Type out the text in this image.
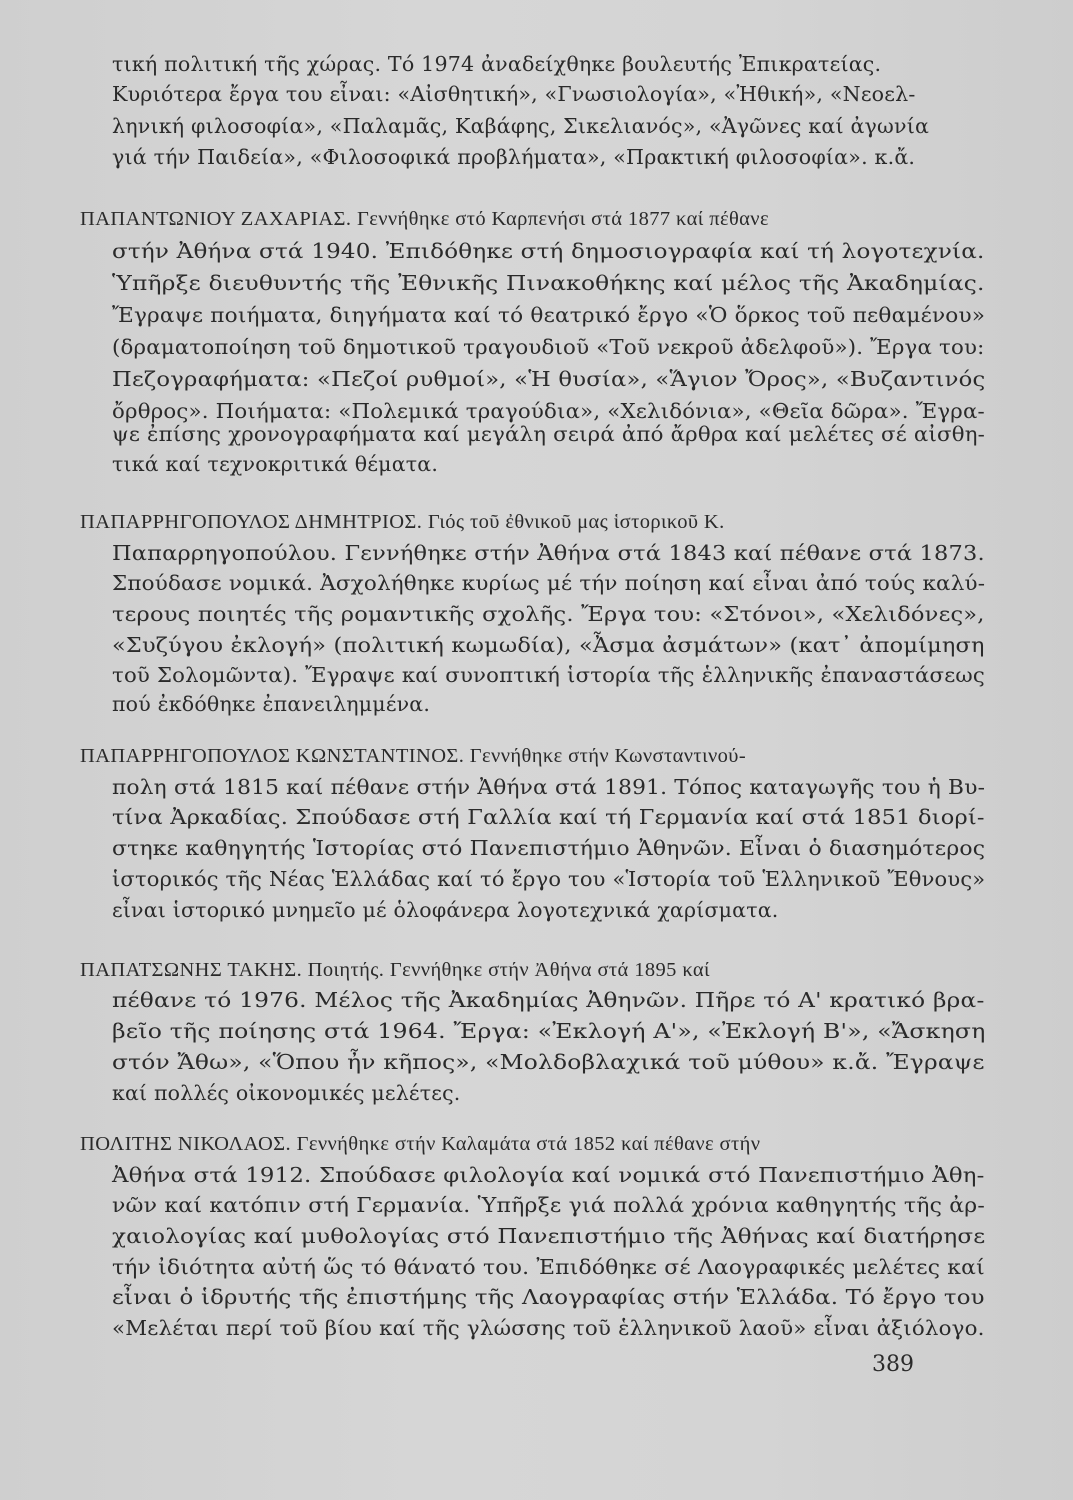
τική πολιτική τῆς χώρας. Τό 1974 ἀναδείχθηκε βουλευτής Ἐπικρατείας.
Κυριότερα ἔργα του εἶναι: «Αἰσθητική», «Γνωσιολογία», «Ἠθική», «Νεοελ-
ληνική φιλοσοφία», «Παλαμᾶς, Καβάφης, Σικελιανός», «Ἀγῶνες καί ἀγωνία
γιά τήν Παιδεία», «Φιλοσοφικά προβλήματα», «Πρακτική φιλοσοφία». κ.ἄ.
ΠΑΠΑΝΤΩΝΙΟΥ ΖΑΧΑΡΙΑΣ. Γεννήθηκε στό Καρπενήσι στά 1877 καί πέθανε
στήν Ἀθήνα στά 1940. Ἐπιδόθηκε στή δημοσιογραφία καί τή λογοτεχνία.
Ὑπῆρξε διευθυντής τῆς Ἐθνικῆς Πινακοθήκης καί μέλος τῆς Ἀκαδημίας.
Ἔγραψε ποιήματα, διηγήματα καί τό θεατρικό ἔργο «Ὁ ὅρκος τοῦ πεθαμένου»
(δραματοποίηση τοῦ δημοτικοῦ τραγουδιοῦ «Τοῦ νεκροῦ ἀδελφοῦ»). Ἔργα του:
Πεζογραφήματα: «Πεζοί ρυθμοί», «Ἡ θυσία», «Ἅγιον Ὄρος», «Βυζαντινός
ὄρθρος». Ποιήματα: «Πολεμικά τραγούδια», «Χελιδόνια», «Θεῖα δῶρα». Ἔγρα-
ψε ἐπίσης χρονογραφήματα καί μεγάλη σειρά ἀπό ἄρθρα καί μελέτες σέ αἰσθη-
τικά καί τεχνοκριτικά θέματα.
ΠΑΠΑΡΡΗΓΟΠΟΥΛΟΣ ΔΗΜΗΤΡΙΟΣ. Γιός τοῦ ἐθνικοῦ μας ἱστορικοῦ Κ.
Παπαρρηγοπούλου. Γεννήθηκε στήν Ἀθήνα στά 1843 καί πέθανε στά 1873.
Σπούδασε νομικά. Ἀσχολήθηκε κυρίως μέ τήν ποίηση καί εἶναι ἀπό τούς καλύ-
τερους ποιητές τῆς ρομαντικῆς σχολῆς. Ἔργα του: «Στόνοι», «Χελιδόνες»,
«Συζύγου ἐκλογή» (πολιτική κωμωδία), «Ἆσμα ἀσμάτων» (κατ᾽ ἀπομίμηση
τοῦ Σολομῶντα). Ἔγραψε καί συνοπτική ἱστορία τῆς ἑλληνικῆς ἐπαναστάσεως
πού ἐκδόθηκε ἐπανειλημμένα.
ΠΑΠΑΡΡΗΓΟΠΟΥΛΟΣ ΚΩΝΣΤΑΝΤΙΝΟΣ. Γεννήθηκε στήν Κωνσταντινού-
πολη στά 1815 καί πέθανε στήν Ἀθήνα στά 1891. Τόπος καταγωγῆς του ἡ Βυ-
τίνα Ἀρκαδίας. Σπούδασε στή Γαλλία καί τή Γερμανία καί στά 1851 διορί-
στηκε καθηγητής Ἱστορίας στό Πανεπιστήμιο Ἀθηνῶν. Εἶναι ὁ διασημότερος
ἱστορικός τῆς Νέας Ἑλλάδας καί τό ἔργο του «Ἱστορία τοῦ Ἑλληνικοῦ Ἔθνους»
εἶναι ἱστορικό μνημεῖο μέ ὁλοφάνερα λογοτεχνικά χαρίσματα.
ΠΑΠΑΤΣΩΝΗΣ ΤΑΚΗΣ. Ποιητής. Γεννήθηκε στήν Ἀθήνα στά 1895 καί
πέθανε τό 1976. Μέλος τῆς Ἀκαδημίας Ἀθηνῶν. Πῆρε τό Α' κρατικό βρα-
βεῖο τῆς ποίησης στά 1964. Ἔργα: «Ἐκλογή Α'», «Ἐκλογή Β'», «Ἄσκηση
στόν Ἄθω», «Ὅπου ἦν κῆπος», «Μολδοβλαχικά τοῦ μύθου» κ.ἄ. Ἔγραψε
καί πολλές οἰκονομικές μελέτες.
ΠΟΛΙΤΗΣ ΝΙΚΟΛΑΟΣ. Γεννήθηκε στήν Καλαμάτα στά 1852 καί πέθανε στήν
Ἀθήνα στά 1912. Σπούδασε φιλολογία καί νομικά στό Πανεπιστήμιο Ἀθη-
νῶν καί κατόπιν στή Γερμανία. Ὑπῆρξε γιά πολλά χρόνια καθηγητής τῆς ἀρ-
χαιολογίας καί μυθολογίας στό Πανεπιστήμιο τῆς Ἀθήνας καί διατήρησε
τήν ἰδιότητα αὐτή ὥς τό θάνατό του. Ἐπιδόθηκε σέ Λαογραφικές μελέτες καί
εἶναι ὁ ἱδρυτής τῆς ἐπιστήμης τῆς Λαογραφίας στήν Ἑλλάδα. Τό ἔργο του
«Μελέται περί τοῦ βίου καί τῆς γλώσσης τοῦ ἑλληνικοῦ λαοῦ» εἶναι ἀξιόλογο.
389
